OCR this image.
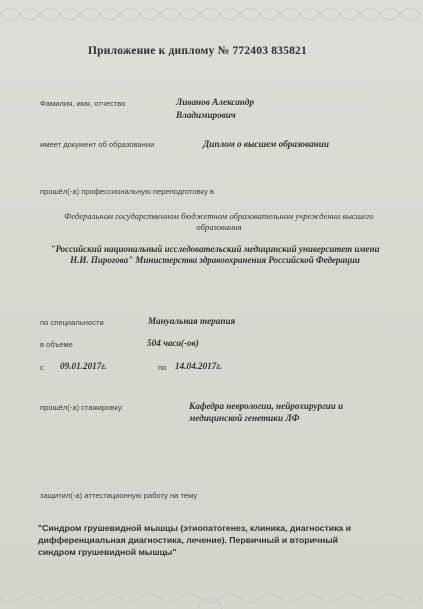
Приложение к диплому № 772403 835821
Фамилия, имя, отчество	Ливанов Александр
Владимирович
имеет документ об образовании	Диплом о высшем образовании
прошёл(-а) профессиональную переподготовку в
Федеральном государственном бюджетном образовательном учреждении высшего образования
"Российский национальный исследовательский медицинский университет имени Н.И. Пирогова" Министерства здравоохранения Российской Федерации
по специальности	Мануальная терапия
в объеме	504 часа(-ов)
с 09.01.2017г.	по 14.04.2017г.
прошёл(-а) стажировку:	Кафедра неврологии, нейрохирургии и медицинской генетики ЛФ
защитил(-а) аттестационную работу на тему
"Синдром грушевидной мышцы (этиопатогенез, клиника, диагностика и дифференциальная диагностика, лечение). Первичный и вторичный синдром грушевидной мышцы"
